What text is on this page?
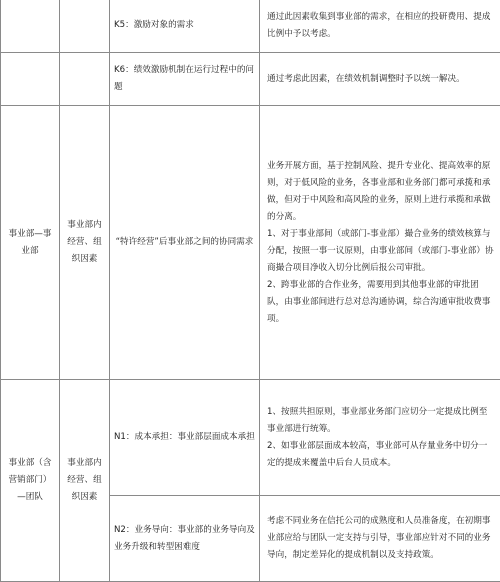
		K5：激励对象的需求	通过此因素收集到事业部的需求，在相应的投研费用、提成比例中予以考虑。
		K6：绩效激励机制在运行过程中的问题	通过考虑此因素，在绩效机制调整时予以统一解决。
事业部—事业部	事业部内经营、组织因素	“特许经营”后事业部之间的协同需求	业务开展方面，基于控制风险、提升专业化、提高效率的原则，对于低风险的业务，各事业部和业务部门都可承揽和承做，但对于中风险和高风险的业务，原则上进行承揽和承做的分离。

1、对于事业部间（或部门-事业部）撮合业务的绩效核算与分配，按照一事一议原则，由事业部间（或部门-事业部）协商撮合项目净收入切分比例后报公司审批。

2、跨事业部的合作业务，需要用到其他事业部的审批团队，由事业部间进行总对总沟通协调，综合沟通审批收费事项。

事业部（含营销部门）—团队	事业部内经营、组织因素	N1：成本承担：事业部层面成本承担	1、按照共担原则，事业部业务部门应切分一定提成比例至事业部进行统筹。

2、如事业部层面成本较高，事业部可从存量业务中切分一定的提成来覆盖中后台人员成本。

		N2：业务导向：事业部的业务导向及业务升级和转型困难度	考虑不同业务在信托公司的成熟度和人员准备度，在初期事业部应给与团队一定支持与引导，事业部应针对不同的业务导向，制定差异化的提成机制以及支持政策。
